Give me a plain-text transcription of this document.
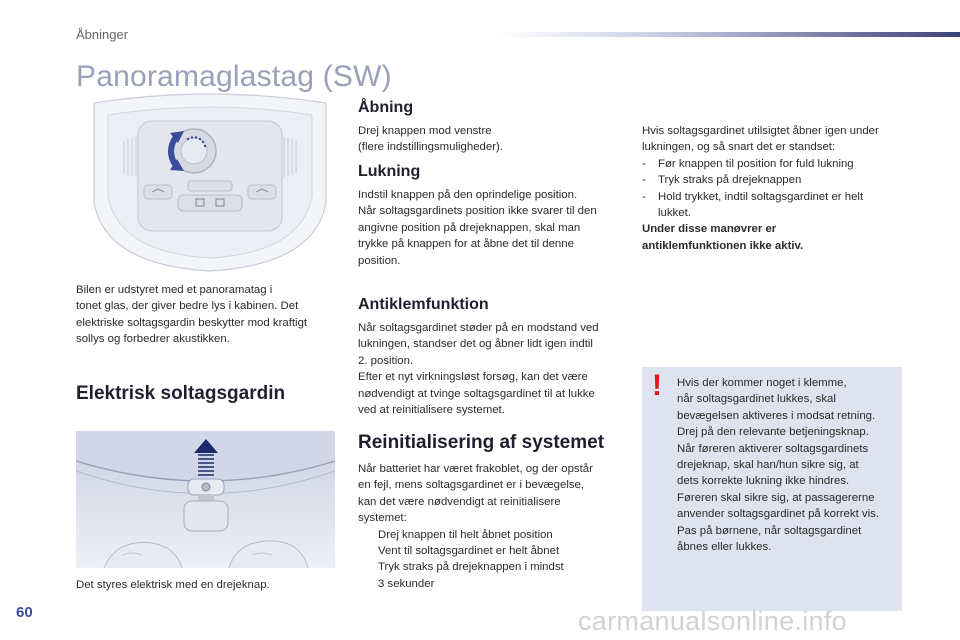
Åbninger
Panoramaglastag (SW)
Bilen er udstyret med et panoramatag i
tonet glas, der giver bedre lys i kabinen. Det
elektriske soltagsgardin beskytter mod kraftigt
sollys og forbedrer akustikken.
Elektrisk soltagsgardin
Det styres elektrisk med en drejeknap.
Åbning
Drej knappen mod venstre
(flere indstillingsmuligheder).
Lukning
Indstil knappen på den oprindelige position.
Når soltagsgardinets position ikke svarer til den
angivne position på drejeknappen, skal man
trykke på knappen for at åbne det til denne
position.
Antiklemfunktion
Når soltagsgardinet støder på en modstand ved
lukningen, standser det og åbner lidt igen indtil
2. position.
Efter et nyt virkningsløst forsøg, kan det være
nødvendigt at tvinge soltagsgardinet til at lukke
ved at reinitialisere systemet.
Reinitialisering af systemet
Når batteriet har været frakoblet, og der opstår
en fejl, mens soltagsgardinet er i bevægelse,
kan det være nødvendigt at reinitialisere
systemet:
Drej knappen til helt åbnet position
Vent til soltagsgardinet er helt åbnet
Tryk straks på drejeknappen i mindst
3 sekunder
Hvis soltagsgardinet utilsigtet åbner igen under
lukningen, og så snart det er standset:
-	Før knappen til position for fuld lukning
-	Tryk straks på drejeknappen
-	Hold trykket, indtil soltagsgardinet er helt
lukket.
Under disse manøvrer er
antiklemfunktionen ikke aktiv.
!	Hvis der kommer noget i klemme,
når soltagsgardinet lukkes, skal
bevægelsen aktiveres i modsat retning.
Drej på den relevante betjeningsknap.
Når føreren aktiverer soltagsgardinets
drejeknap, skal han/hun sikre sig, at
dets korrekte lukning ikke hindres.
Føreren skal sikre sig, at passagererne
anvender soltagsgardinet på korrekt vis.
Pas på børnene, når soltagsgardinet
åbnes eller lukkes.
60	carmanualsonline.info
